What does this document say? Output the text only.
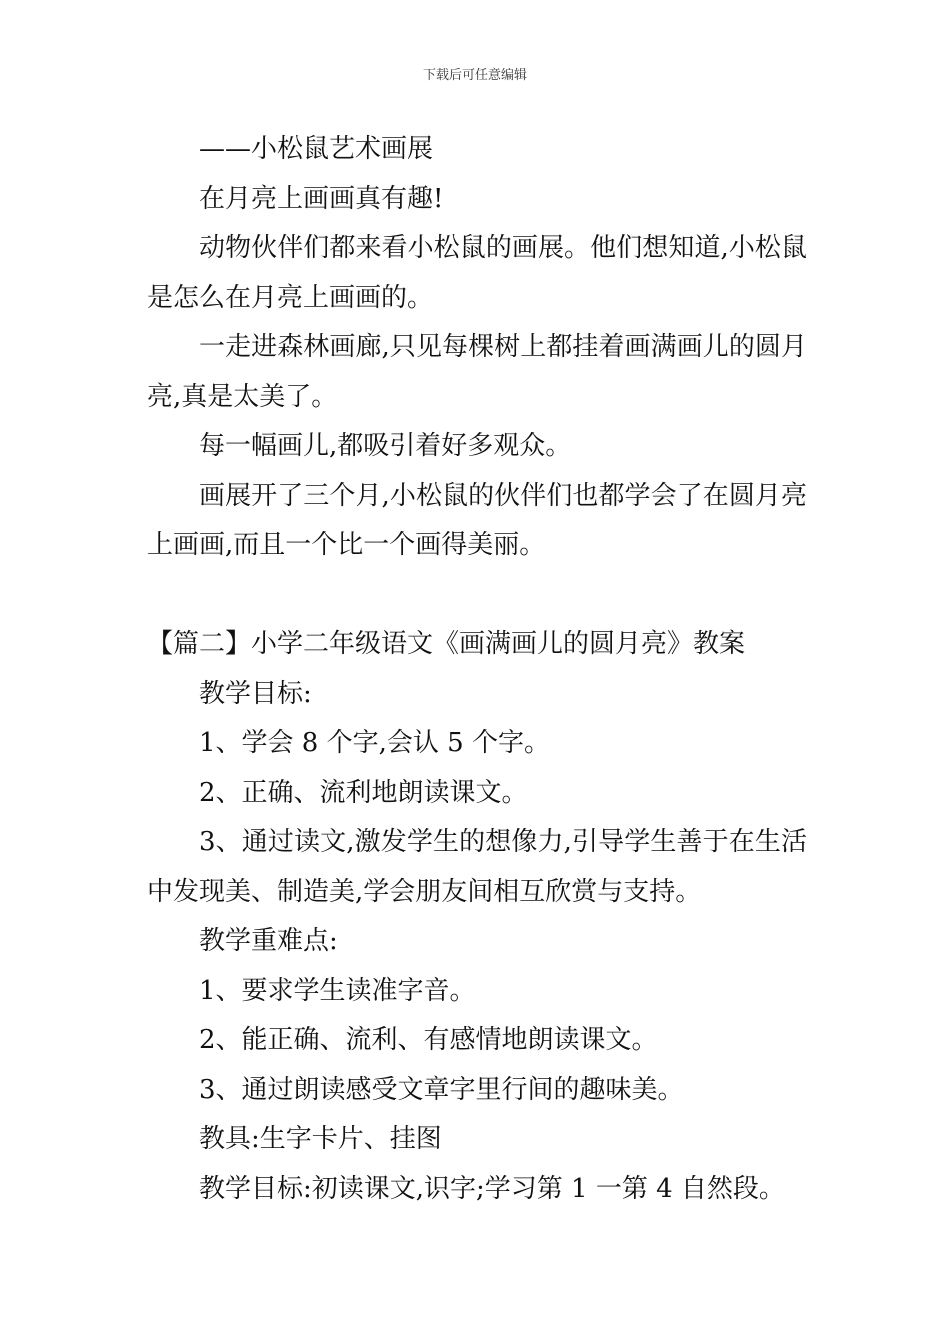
下载后可任意编辑

——小松鼠艺术画展

在月亮上画画真有趣!

动物伙伴们都来看小松鼠的画展。他们想知道,小松鼠是怎么在月亮上画画的。

一走进森林画廊,只见每棵树上都挂着画满画儿的圆月亮,真是太美了。

每一幅画儿,都吸引着好多观众。

画展开了三个月,小松鼠的伙伴们也都学会了在圆月亮上画画,而且一个比一个画得美丽。

【篇二】小学二年级语文《画满画儿的圆月亮》教案

教学目标:

1、学会 8 个字,会认 5 个字。

2、正确、流利地朗读课文。

3、通过读文,激发学生的想像力,引导学生善于在生活中发现美、制造美,学会朋友间相互欣赏与支持。

教学重难点:

1、要求学生读准字音。

2、能正确、流利、有感情地朗读课文。

3、通过朗读感受文章字里行间的趣味美。

教具:生字卡片、挂图

教学目标:初读课文,识字;学习第 1 一第 4 自然段。
